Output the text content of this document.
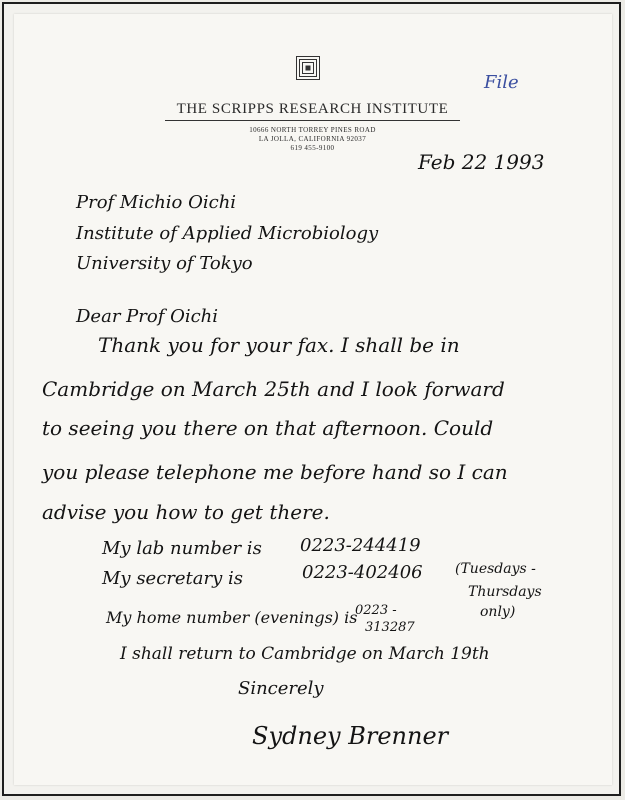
THE SCRIPPS RESEARCH INSTITUTE
10666 NORTH TORREY PINES ROAD
LA JOLLA, CALIFORNIA 92037
619 455-9100
File
Feb 22 1993
Prof Michio Oichi
Institute of Applied Microbiology
University of Tokyo
Dear Prof Oichi
Thank you for your fax. I shall be in
Cambridge on March 25th and I look forward
to seeing you there on that afternoon. Could
you please telephone me before hand so I can
advise you how to get there.
My lab number is 0223-244419
My secretary is	0223-402406 (Tuesdays -
Thursdays
only)
My home number (evenings) is
0223 -
313287
I shall return to Cambridge on March 19th
Sincerely
Sydney Brenner
